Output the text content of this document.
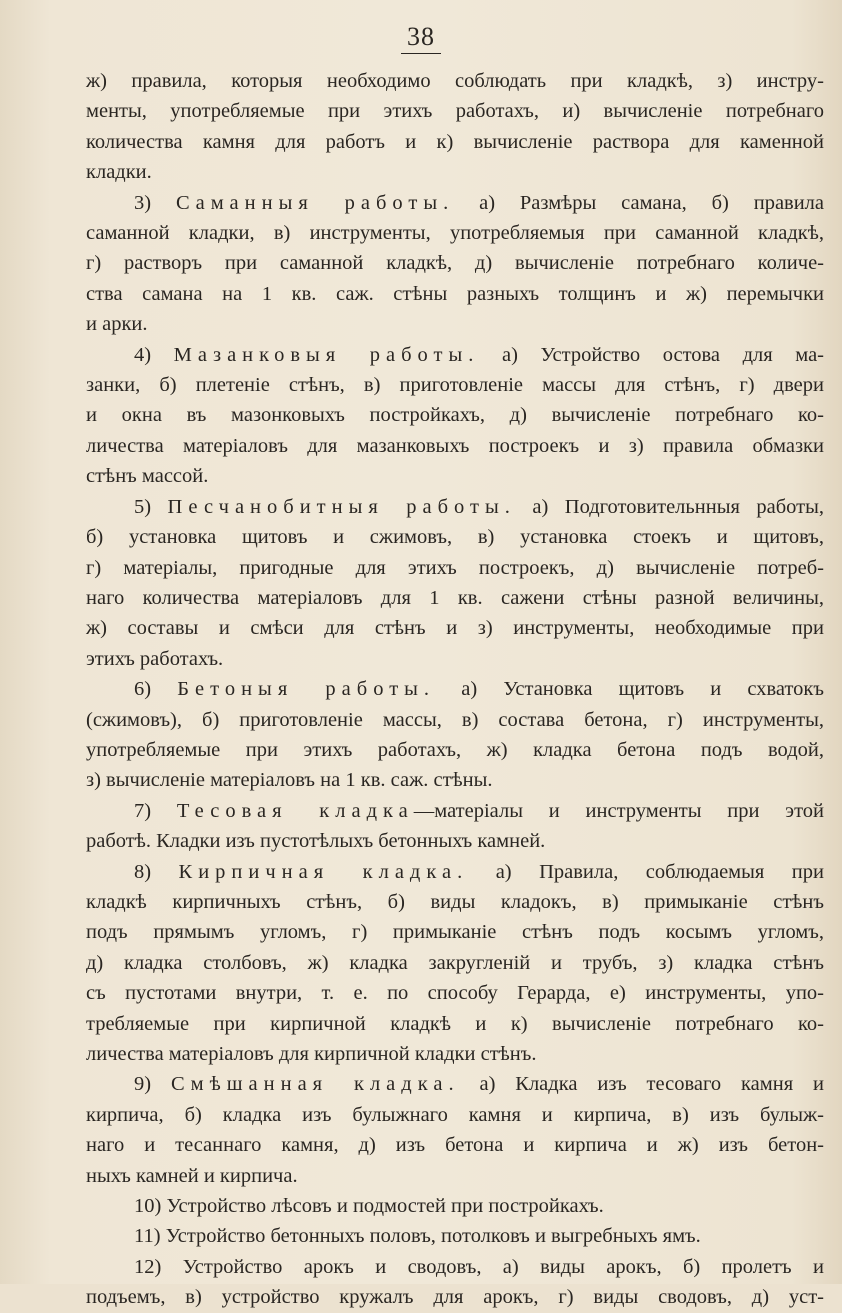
38

ж) правила, которыя необходимо соблюдать при кладкѣ, з) инстру-

менты, употребляемые при этихъ работахъ, и) вычисленіе потребнаго

количества камня для работъ и к) вычисленіе раствора для каменной

кладки.

3) Саманныя работы. а) Размѣры самана, б) правила

саманной кладки, в) инструменты, употребляемыя при саманной кладкѣ,

г) растворъ при саманной кладкѣ, д) вычисленіе потребнаго количе-

ства самана на 1 кв. саж. стѣны разныхъ толщинъ и ж) перемычки

и арки.

4) Мазанковыя работы. а) Устройство остова для ма-

занки, б) плетеніе стѣнъ, в) приготовленіе массы для стѣнъ, г) двери

и окна въ мазонковыхъ постройкахъ, д) вычисленіе потребнаго ко-

личества матеріаловъ для мазанковыхъ построекъ и з) правила обмазки

стѣнъ массой.

5) Песчанобитныя работы. а) Подготовительнныя работы,

б) установка щитовъ и сжимовъ, в) установка стоекъ и щитовъ,

г) матеріалы, пригодные для этихъ построекъ, д) вычисленіе потреб-

наго количества матеріаловъ для 1 кв. сажени стѣны разной величины,

ж) составы и смѣси для стѣнъ и з) инструменты, необходимые при

этихъ работахъ.

6) Бетоныя работы. а) Установка щитовъ и схватокъ

(сжимовъ), б) приготовленіе массы, в) состава бетона, г) инструменты,

употребляемые при этихъ работахъ, ж) кладка бетона подъ водой,

з) вычисленіе матеріаловъ на 1 кв. саж. стѣны.

7) Тесовая кладка—матеріалы и инструменты при этой

работѣ. Кладки изъ пустотѣлыхъ бетонныхъ камней.

8) Кирпичная кладка. а) Правила, соблюдаемыя при

кладкѣ кирпичныхъ стѣнъ, б) виды кладокъ, в) примыканіе стѣнъ

подъ прямымъ угломъ, г) примыканіе стѣнъ подъ косымъ угломъ,

д) кладка столбовъ, ж) кладка закругленій и трубъ, з) кладка стѣнъ

съ пустотами внутри, т. е. по способу Герарда, е) инструменты, упо-

требляемые при кирпичной кладкѣ и к) вычисленіе потребнаго ко-

личества матеріаловъ для кирпичной кладки стѣнъ.

9) Смѣшанная кладка. а) Кладка изъ тесоваго камня и

кирпича, б) кладка изъ булыжнаго камня и кирпича, в) изъ булыж-

наго и тесаннаго камня, д) изъ бетона и кирпича и ж) изъ бетон-

ныхъ камней и кирпича.

10) Устройство лѣсовъ и подмостей при постройкахъ.

11) Устройство бетонныхъ половъ, потолковъ и выгребныхъ ямъ.

12) Устройство арокъ и сводовъ, а) виды арокъ, б) пролетъ и

подъемъ, в) устройство кружалъ для арокъ, г) виды сводовъ, д) уст-
